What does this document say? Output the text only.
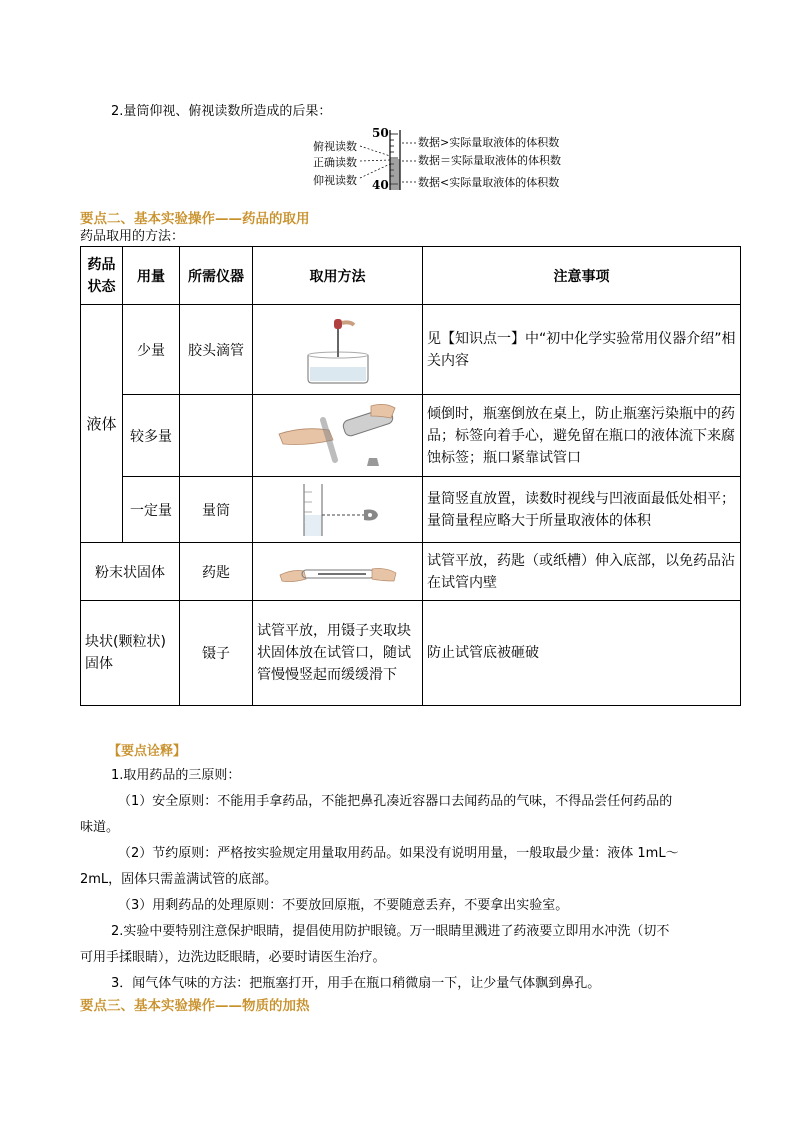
2.量筒仰视、俯视读数所造成的后果：
50
40
俯视读数
正确读数
仰视读数
数据>实际量取液体的体积数
数据＝实际量取液体的体积数
数据<实际量取液体的体积数
要点二、基本实验操作——药品的取用
药品取用的方法：
药品状态	用量	所需仪器	取用方法	注意事项
液体	少量	胶头滴管		见【知识点一】中“初中化学实验常用仪器介绍”相关内容
	较多量			倾倒时，瓶塞倒放在桌上，防止瓶塞污染瓶中的药品；标签向着手心，避免留在瓶口的液体流下来腐蚀标签；瓶口紧靠试管口
	一定量	量筒		量筒竖直放置，读数时视线与凹液面最低处相平；量筒量程应略大于所量取液体的体积
粉末状固体		药匙		试管平放，药匙（或纸槽）伸入底部，以免药品沾在试管内壁
块状(颗粒状)固体		镊子	试管平放，用镊子夹取块状固体放在试管口，随试管慢慢竖起而缓缓滑下	防止试管底被砸破
【要点诠释】
1.取用药品的三原则：
（1）安全原则：不能用手拿药品，不能把鼻孔凑近容器口去闻药品的气味，不得品尝任何药品的
味道。
（2）节约原则：严格按实验规定用量取用药品。如果没有说明用量，一般取最少量：液体 1mL～
2mL，固体只需盖满试管的底部。
（3）用剩药品的处理原则：不要放回原瓶，不要随意丢弃，不要拿出实验室。
2.实验中要特别注意保护眼睛，提倡使用防护眼镜。万一眼睛里溅进了药液要立即用水冲洗（切不
可用手揉眼睛），边洗边眨眼睛，必要时请医生治疗。
3．闻气体气味的方法：把瓶塞打开，用手在瓶口稍微扇一下，让少量气体飘到鼻孔。
要点三、基本实验操作——物质的加热
